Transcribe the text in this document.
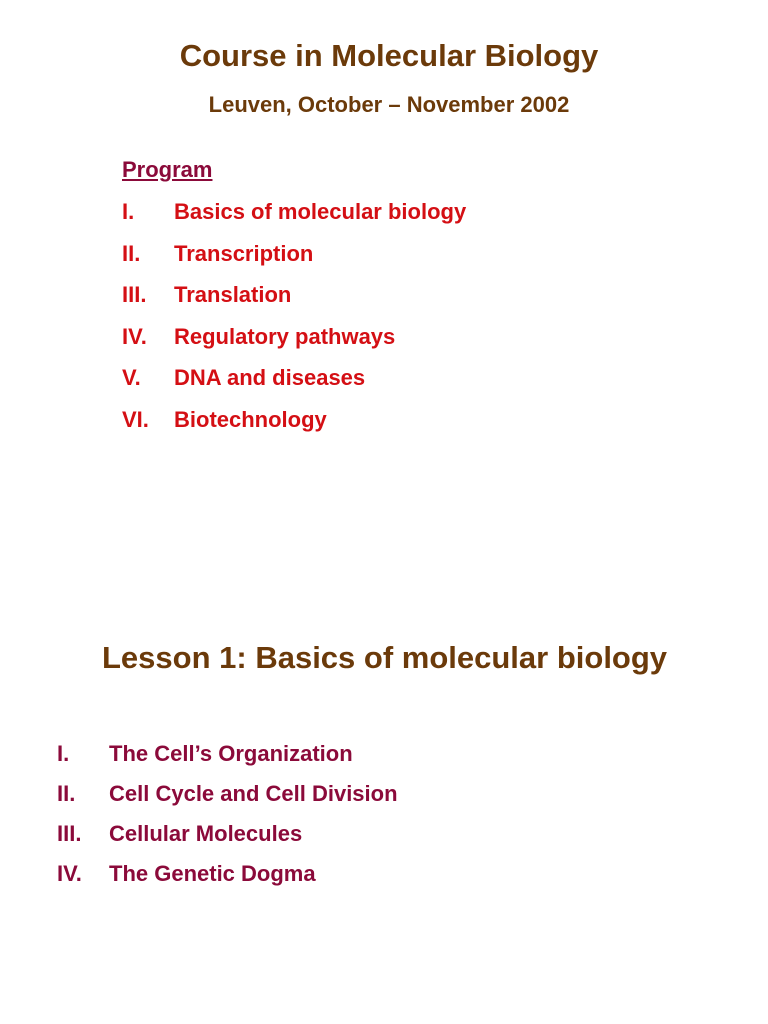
Course in Molecular Biology
Leuven, October – November 2002
Program
I.	Basics of molecular biology
II.	Transcription
III.	Translation
IV.	Regulatory pathways
V.	DNA and diseases
VI.	Biotechnology
Lesson 1: Basics of molecular biology
I.	The Cell’s Organization
II.	Cell Cycle and Cell Division
III.	Cellular Molecules
IV.	The Genetic Dogma
